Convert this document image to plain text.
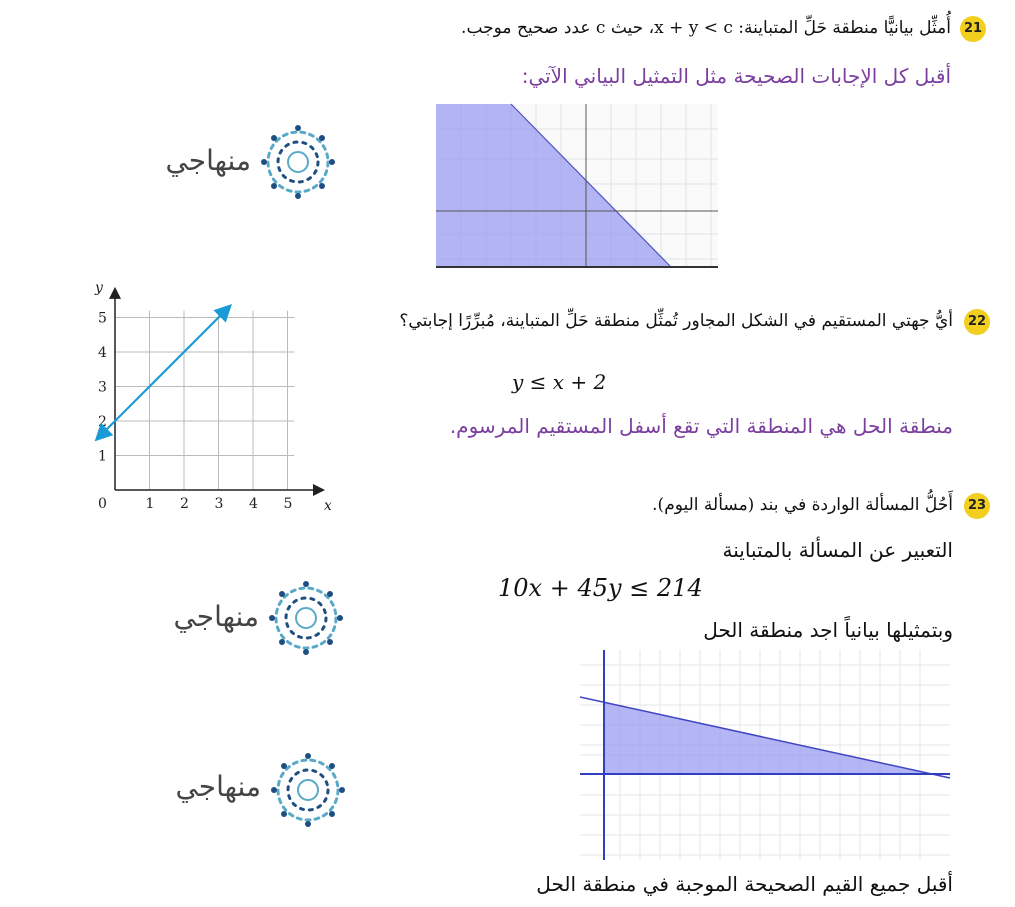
21
أُمثِّل بيانيًّا منطقة حَلِّ المتباينة: x + y < c، حيث c عدد صحيح موجب.
أقبل كل الإجابات الصحيحة مثل التمثيل البياني الآتي:
منهاجي
22
أيُّ جهتي المستقيم في الشكل المجاور تُمثِّل منطقة حَلِّ المتباينة، مُبرِّرًا إجابتي؟
y ≤ x + 2
منطقة الحل هي المنطقة التي تقع أسفل المستقيم المرسوم.
0	1 2 3 4 5
1
2
3
4
5
x
y
23
أَحُلُّ المسألة الواردة في بند (مسألة اليوم).
التعبير عن المسألة بالمتباينة
10x + 45y ≤ 214
وبتمثيلها بيانياً اجد منطقة الحل
أقبل جميع القيم الصحيحة الموجبة في منطقة الحل
منهاجي
منهاجي
